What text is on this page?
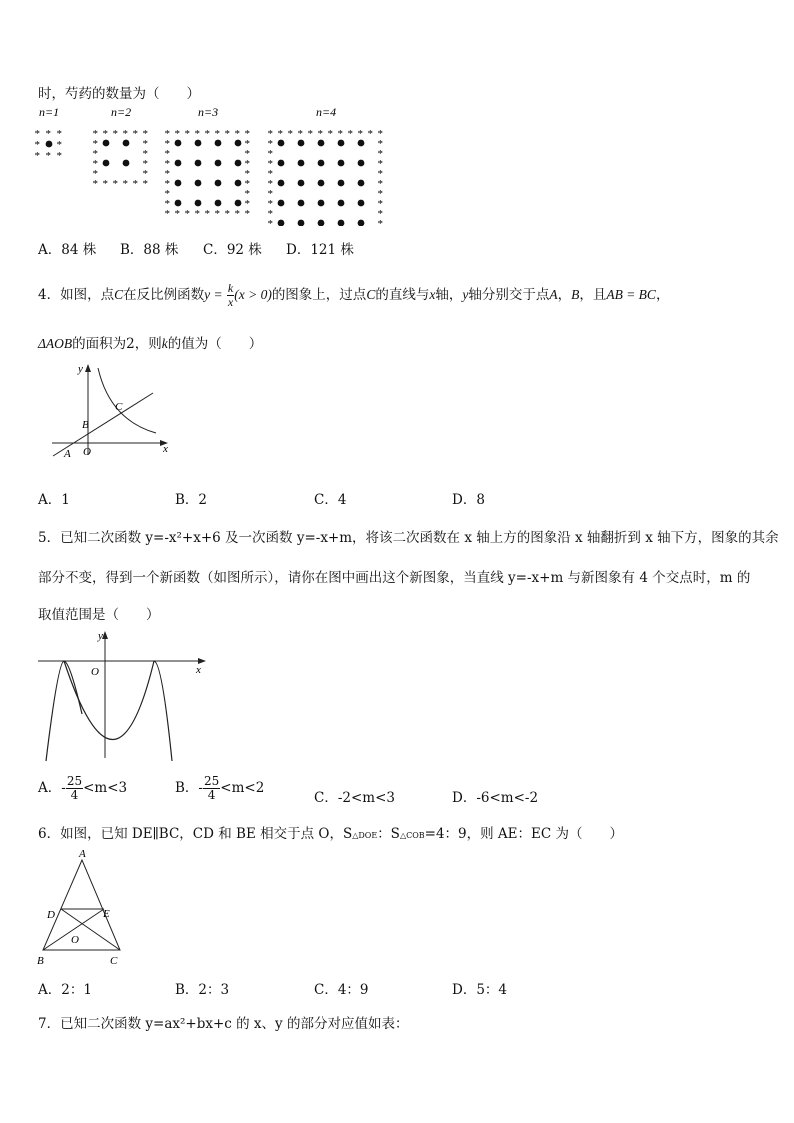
时，芍药的数量为（　　）
n=1
* * *
* *
* * *
n=2
* * * * * *
*	*
*	*
*	*
*	*
* * * * * *
n=3
* * * * * * * * *
*	*
*	*
*	*
*	*
*	*
*	*
*	*
* * * * * * * * *
n=4
* * * * * * * * * * * *
*	*
*	*
*	*
*	*
*	*
*	*
*	*
*	*
*	*
A．84 株 B．88 株 C．92 株 D．121 株
4．如图，点C在反比例函数$y = \frac{k}{x} (x > 0)$的图象上，过点C的直线与x轴，y轴分别交于点A，B，且AB = BC，
ΔAOB的面积为2，则k的值为（　　）
y
x
C
B
A O
A．1	B．2	C．4	D．8
5．已知二次函数 y=-x²+x+6 及一次函数 y=-x+m，将该二次函数在 x 轴上方的图象沿 x 轴翻折到 x 轴下方，图象的其余
部分不变，得到一个新函数（如图所示），请你在图中画出这个新图象，当直线 y=-x+m 与新图象有 4 个交点时，m 的
取值范围是（　　）
y
O	x
A．- $\frac{25}{4} <m<3$	B．- $\frac{25}{4} <m<2$
C．-2<m<3	D．-6<m<-2
6．如图，已知 DE∥BC，CD 和 BE 相交于点 O，S△DOE：S△COB=4：9，则 AE：EC 为（　　）
A
D	E
O
B	C
A．2：1	B．2：3	C．4：9	D．5：4
7．已知二次函数 y=ax²+bx+c 的 x、y 的部分对应值如表：
